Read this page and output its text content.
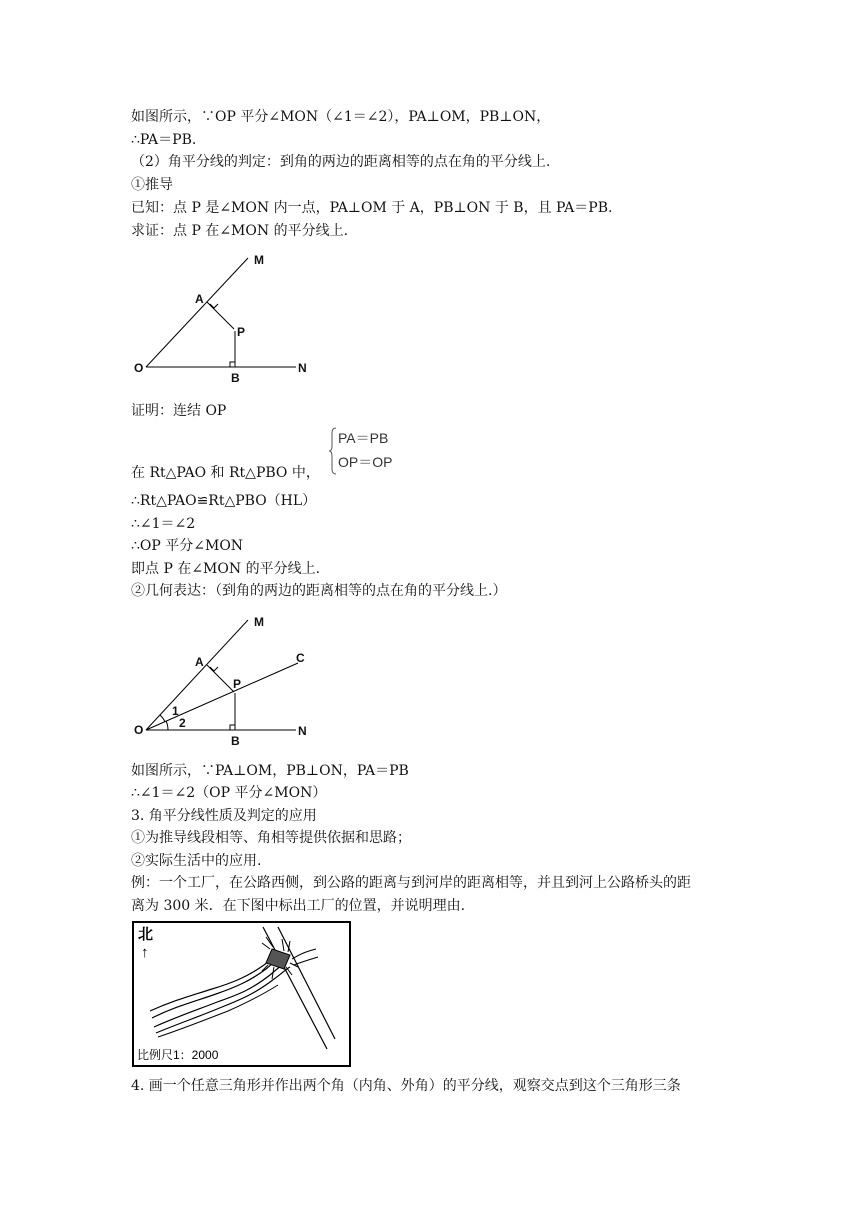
如图所示，∵OP 平分∠MON（∠1＝∠2），PA⊥OM，PB⊥ON，
∴PA＝PB.
（2）角平分线的判定：到角的两边的距离相等的点在角的平分线上.
①推导
已知：点 P 是∠MON 内一点，PA⊥OM 于 A，PB⊥ON 于 B，且 PA＝PB.
求证：点 P 在∠MON 的平分线上.
M
A
P
O
B
N
证明：连结 OP
PA＝PB
OP＝OP
在 Rt△PAO 和 Rt△PBO 中，
∴Rt△PAO≌Rt△PBO（HL）
∴∠1＝∠2
∴OP 平分∠MON
即点 P 在∠MON 的平分线上.
②几何表达：（到角的两边的距离相等的点在角的平分线上.）
M
A
P
C
O
1
2
B
N
如图所示，∵PA⊥OM，PB⊥ON，PA＝PB
∴∠1＝∠2（OP 平分∠MON）
3. 角平分线性质及判定的应用
①为推导线段相等、角相等提供依据和思路；
②实际生活中的应用.
例：一个工厂，在公路西侧，到公路的距离与到河岸的距离相等，并且到河上公路桥头的距
离为 300 米．在下图中标出工厂的位置，并说明理由.
北
↑
比例尺1：2000
4. 画一个任意三角形并作出两个角（内角、外角）的平分线，观察交点到这个三角形三条
